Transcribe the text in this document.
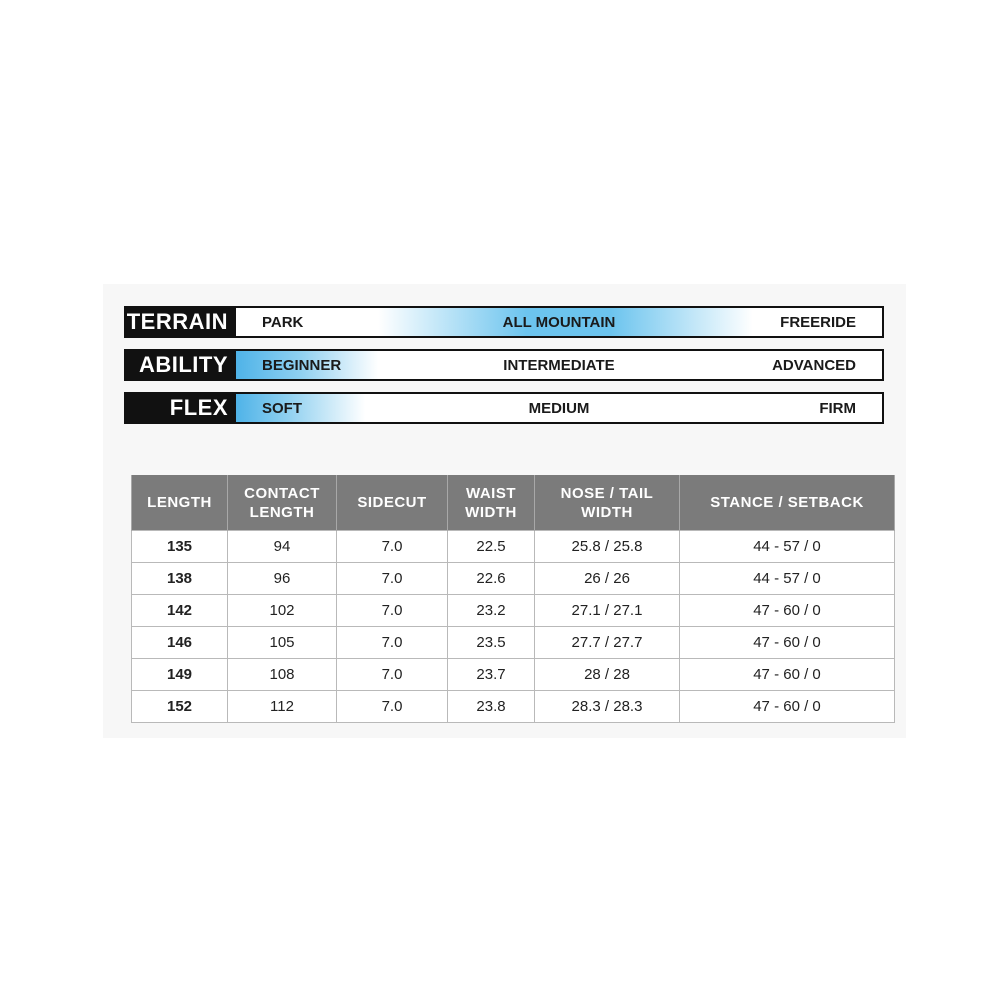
TERRAIN	PARK	ALL MOUNTAIN	FREERIDE
ABILITY	BEGINNER	INTERMEDIATE	ADVANCED
FLEX	SOFT	MEDIUM	FIRM
LENGTH	CONTACT LENGTH	SIDECUT	WAIST WIDTH	NOSE / TAIL WIDTH	STANCE / SETBACK
135	94	7.0	22.5	25.8 / 25.8	44 - 57 / 0
138	96	7.0	22.6	26 / 26	44 - 57 / 0
142	102	7.0	23.2	27.1 / 27.1	47 - 60 / 0
146	105	7.0	23.5	27.7 / 27.7	47 - 60 / 0
149	108	7.0	23.7	28 / 28	47 - 60 / 0
152	112	7.0	23.8	28.3 / 28.3	47 - 60 / 0
